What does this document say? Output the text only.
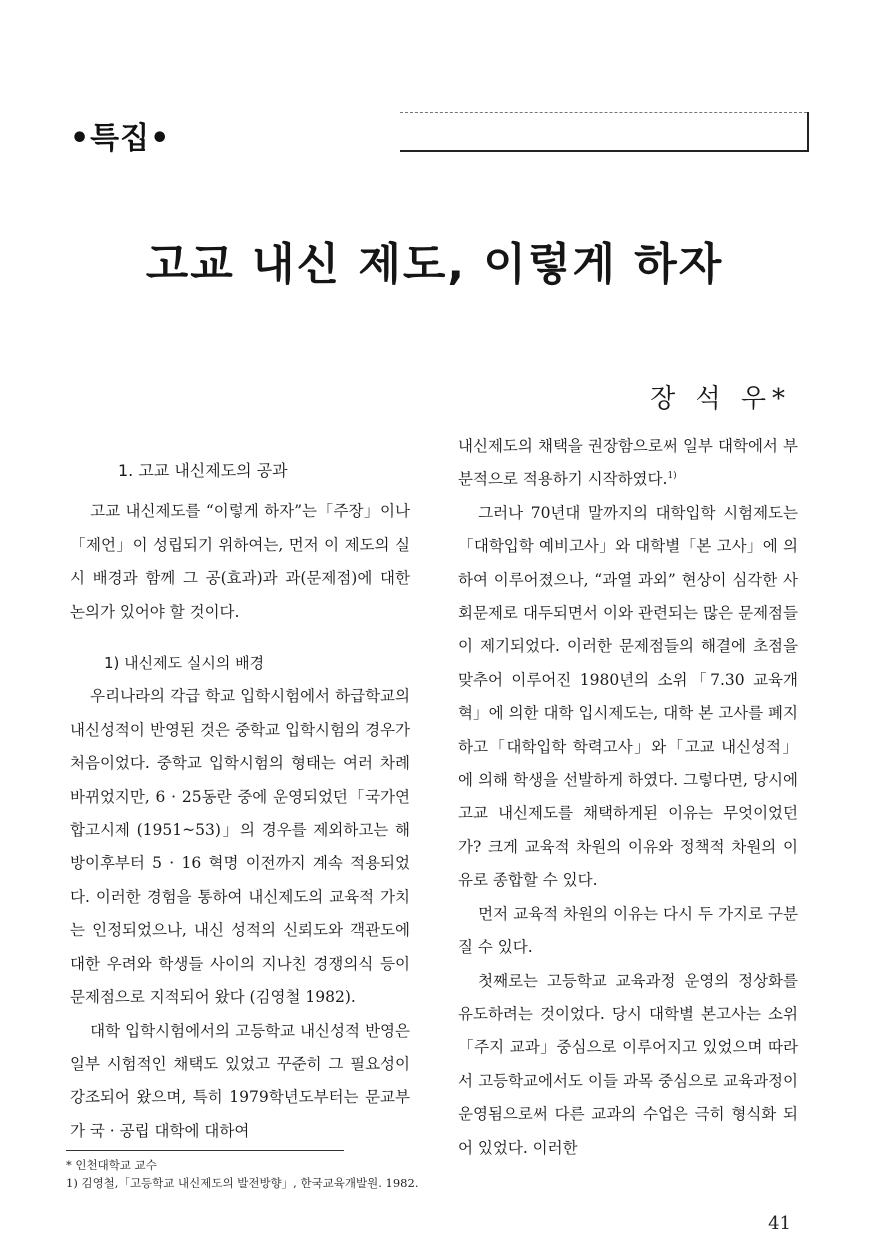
•특집•
고교 내신 제도, 이렇게 하자
장 석 우*
1. 고교 내신제도의 공과

고교 내신제도를 “이렇게 하자”는「주장」이나「제언」이 성립되기 위하여는, 먼저 이 제도의 실시 배경과 함께 그 공(효과)과 과(문제점)에 대한 논의가 있어야 할 것이다.

1) 내신제도 실시의 배경

우리나라의 각급 학교 입학시험에서 하급학교의 내신성적이 반영된 것은 중학교 입학시험의 경우가 처음이었다. 중학교 입학시험의 형태는 여러 차례 바뀌었지만, 6 · 25동란 중에 운영되었던「국가연합고시제 (1951~53)」의 경우를 제외하고는 해방이후부터 5 · 16 혁명 이전까지 계속 적용되었다. 이러한 경험을 통하여 내신제도의 교육적 가치는 인정되었으나, 내신 성적의 신뢰도와 객관도에 대한 우려와 학생들 사이의 지나친 경쟁의식 등이 문제점으로 지적되어 왔다 (김영철 1982).

대학 입학시험에서의 고등학교 내신성적 반영은 일부 시험적인 채택도 있었고 꾸준히 그 필요성이 강조되어 왔으며, 특히 1979학년도부터는 문교부가 국 · 공립 대학에 대하여

내신제도의 채택을 권장함으로써 일부 대학에서 부분적으로 적용하기 시작하였다.$^{1)}$

그러나 70년대 말까지의 대학입학 시험제도는「대학입학 예비고사」와 대학별「본 고사」에 의하여 이루어졌으나, “과열 과외” 현상이 심각한 사회문제로 대두되면서 이와 관련되는 많은 문제점들이 제기되었다. 이러한 문제점들의 해결에 초점을 맞추어 이루어진 1980년의 소위「7.30 교육개혁」에 의한 대학 입시제도는, 대학 본 고사를 폐지하고「대학입학 학력고사」와「고교 내신성적」에 의해 학생을 선발하게 하였다. 그렇다면, 당시에 고교 내신제도를 채택하게된 이유는 무엇이었던가? 크게 교육적 차원의 이유와 정책적 차원의 이유로 종합할 수 있다.

먼저 교육적 차원의 이유는 다시 두 가지로 구분질 수 있다.

첫째로는 고등학교 교육과정 운영의 정상화를 유도하려는 것이었다. 당시 대학별 본고사는 소위「주지 교과」중심으로 이루어지고 있었으며 따라서 고등학교에서도 이들 과목 중심으로 교육과정이 운영됨으로써 다른 교과의 수업은 극히 형식화 되어 있었다. 이러한

* 인천대학교 교수
1) 김영철,「고등학교 내신제도의 발전방향」, 한국교육개발원. 1982.
41
